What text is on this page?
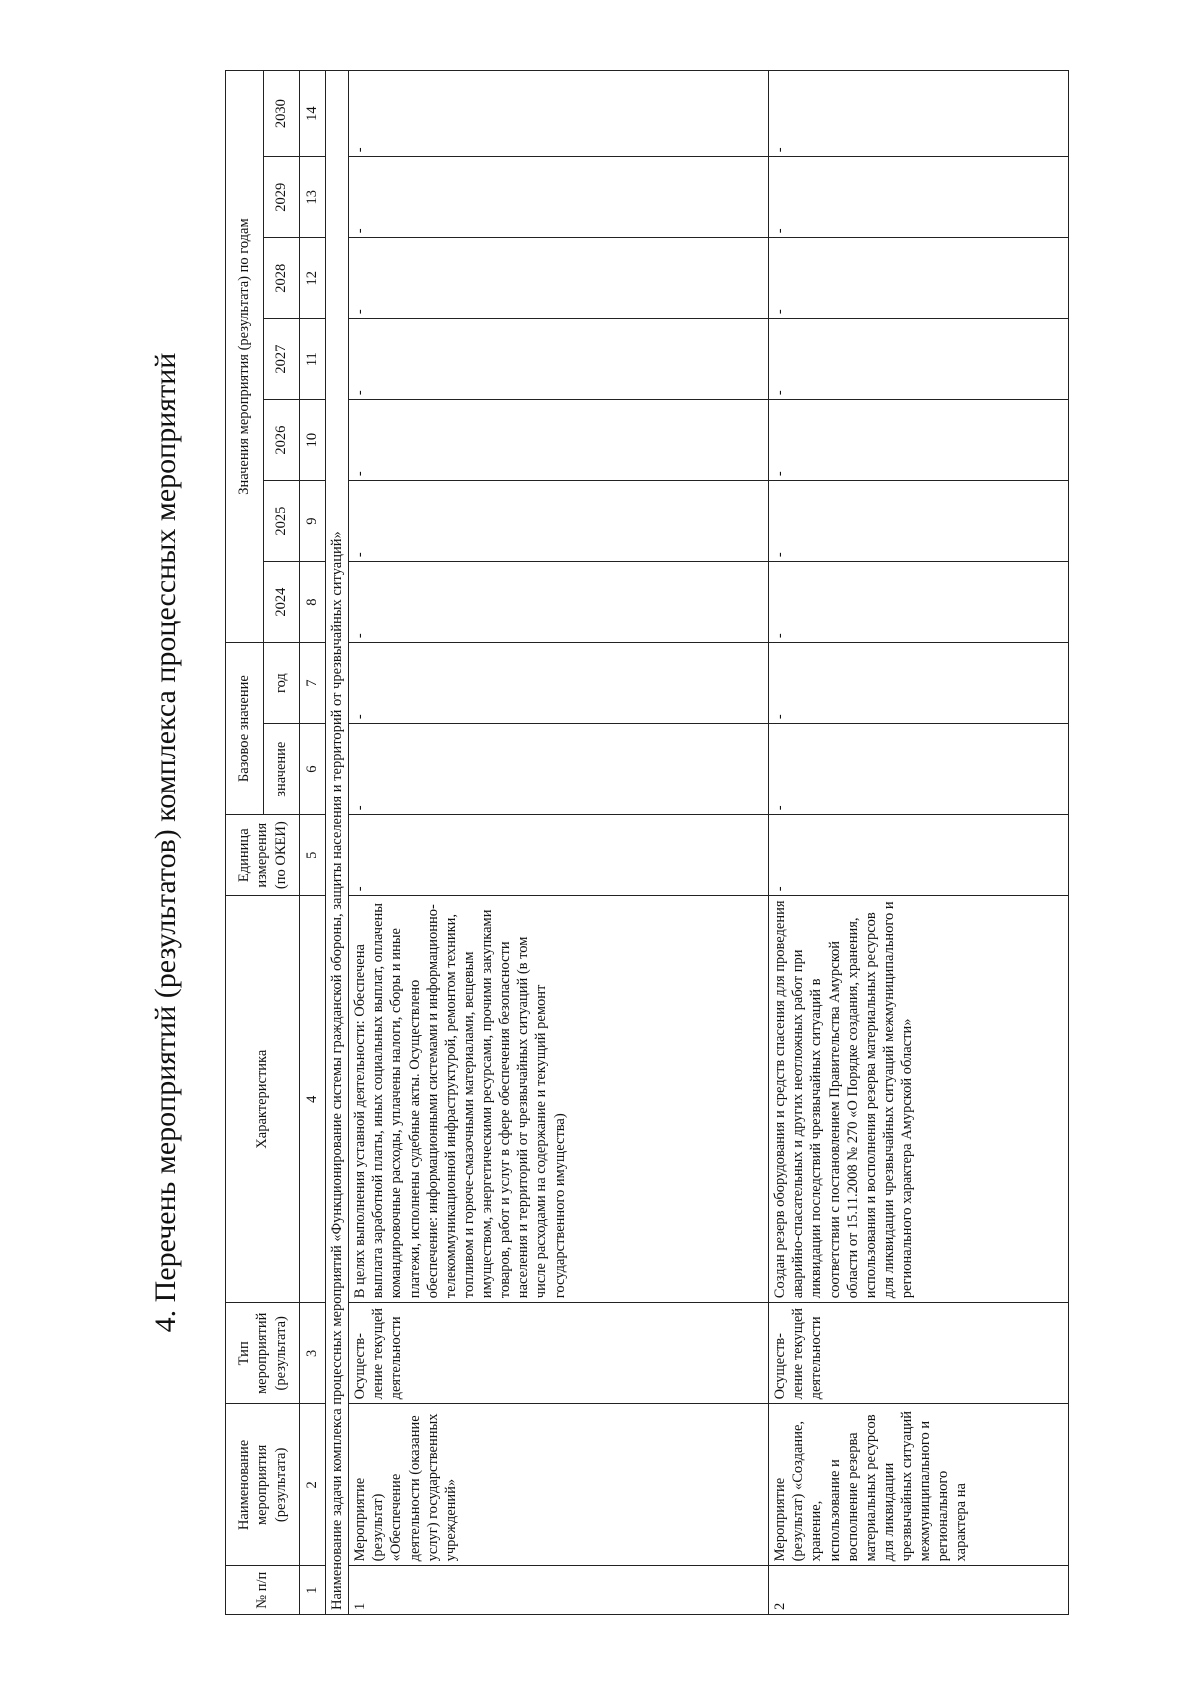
4. Перечень мероприятий (результатов) комплекса процессных мероприятий
№ п/п	Наименование мероприятия (результата)	Тип мероприятий (результата)	Характеристика	Единица измерения (по ОКЕИ)	Базовое значение		Значения мероприятия (результата) по годам						
					значение	год	2024	2025	2026	2027	2028	2029	2030
1	2	3	4	5	6	7	8	9	10	11	12	13	14
Наименование задачи комплекса процессных мероприятий «Функционирование системы гражданской обороны, защиты населения и территорий от чрезвычайных ситуаций»													
1	Мероприятие (результат) «Обеспечение деятельности (оказание услуг) государственных учреждений»	Осуществ-ление текущей деятельности	В целях выполнения уставной деятельности: Обеспечена выплата заработной платы, иных социальных выплат, оплачены командировочные расходы, уплачены налоги, сборы и иные платежи, исполнены судебные акты. Осуществлено обеспечение: информационными системами и информационно-телекоммуникационной инфраструктурой, ремонтом техники, топливом и горюче-смазочными материалами, вещевым имуществом, энергетическими ресурсами, прочими закупками товаров, работ и услуг в сфере обеспечения безопасности населения и территорий от чрезвычайных ситуаций (в том числе расходами на содержание и текущий ремонт государственного имущества)	-	-	-	-	-	-	-	-	-	-
2	Мероприятие (результат) «Создание, хранение, использование и восполнение резерва материальных ресурсов для ликвидации чрезвычайных ситуаций межмуниципального и регионального характера на	Осуществ-ление текущей деятельности	Создан резерв оборудования и средств спасения для проведения аварийно-спасательных и других неотложных работ при ликвидации последствий чрезвычайных ситуаций в соответствии с постановлением Правительства Амурской области от 15.11.2008 № 270 «О Порядке создания, хранения, использования и восполнения резерва материальных ресурсов для ликвидации чрезвычайных ситуаций межмуниципального и регионального характера Амурской области»	-	-	-	-	-	-	-	-	-	-
